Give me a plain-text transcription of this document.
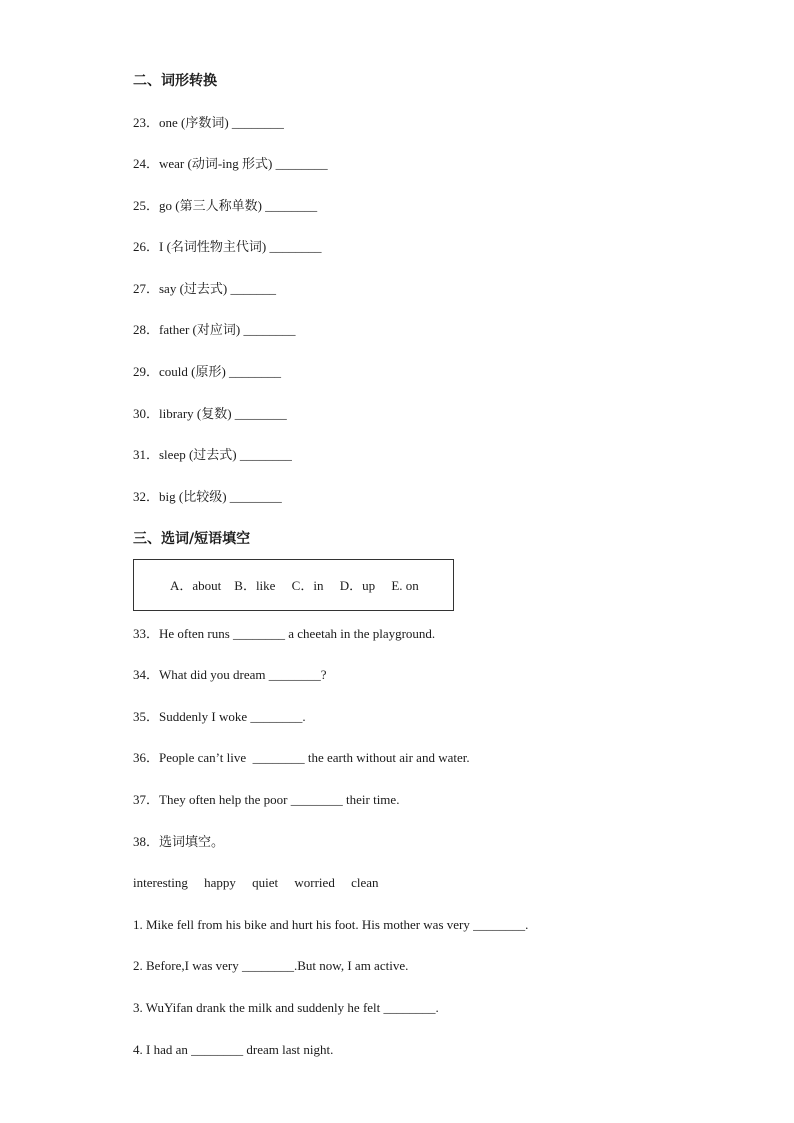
二、词形转换
23．one (序数词) ________
24．wear (动词-ing 形式) ________
25．go (第三人称单数) ________
26．I (名词性物主代词) ________
27．say (过去式) _______
28．father (对应词) ________
29．could (原形) ________
30．library (复数) ________
31．sleep (过去式) ________
32．big (比较级) ________
三、选词/短语填空
A．about    B．like     C．in     D．up     E. on
33．He often runs ________ a cheetah in the playground.
34．What did you dream ________?
35．Suddenly I woke ________.
36．People can’t live  ________ the earth without air and water.
37．They often help the poor ________ their time.
38．选词填空。
interesting     happy     quiet     worried     clean
1. Mike fell from his bike and hurt his foot. His mother was very ________.
2. Before,I was very ________.But now, I am active.
3. WuYifan drank the milk and suddenly he felt ________.
4. I had an ________ dream last night.
